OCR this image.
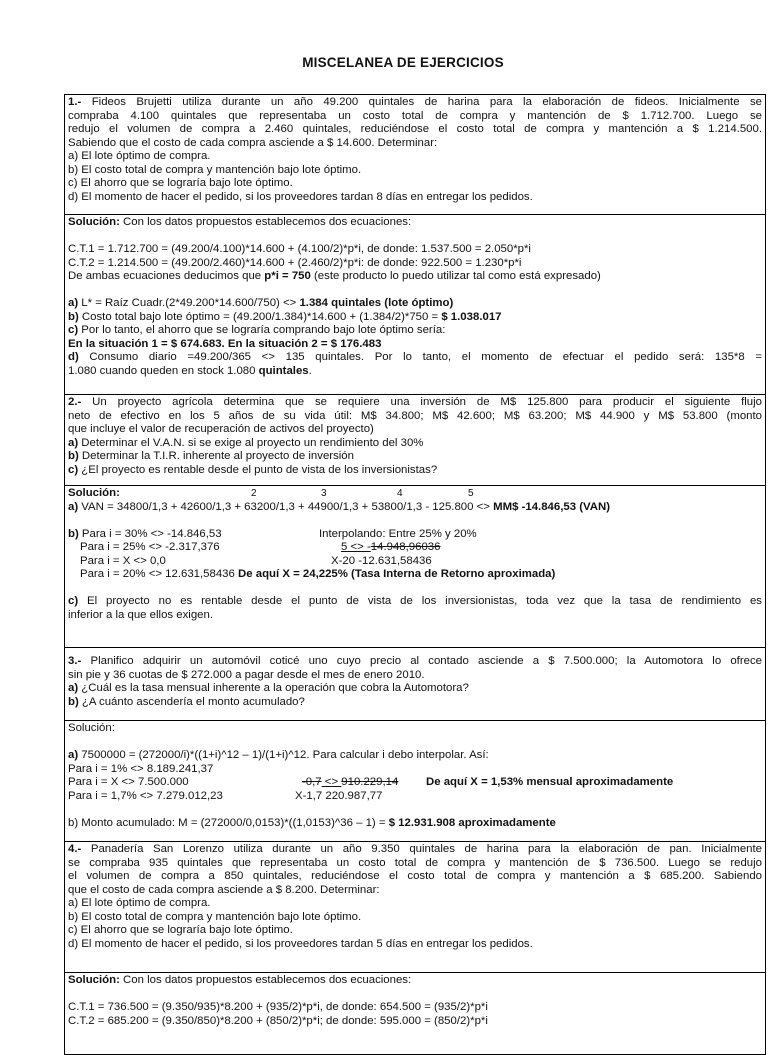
MISCELANEA DE EJERCICIOS
1.- Fideos Brujetti utiliza durante un año 49.200 quintales de harina para la elaboración de fideos. Inicialmente se
compraba 4.100 quintales que representaba un costo total de compra y mantención de $ 1.712.700. Luego se
redujo el volumen de compra a 2.460 quintales, reduciéndose el costo total de compra y mantención a $ 1.214.500.
Sabiendo que el costo de cada compra asciende a $ 14.600. Determinar:
a) El lote óptimo de compra.
b) El costo total de compra y mantención bajo lote óptimo.
c) El ahorro que se lograría bajo lote óptimo.
d) El momento de hacer el pedido, si los proveedores tardan 8 días en entregar los pedidos.
Solución: Con los datos propuestos establecemos dos ecuaciones:
C.T.1 = 1.712.700 = (49.200/4.100)*14.600 + (4.100/2)*p*i, de donde: 1.537.500 = 2.050*p*i
C.T.2 = 1.214.500 = (49.200/2.460)*14.600 + (2.460/2)*p*i: de donde: 922.500 = 1.230*p*i
De ambas ecuaciones deducimos que p*i = 750 (este producto lo puedo utilizar tal como está expresado)
a) L* = Raíz Cuadr.(2*49.200*14.600/750) <> 1.384 quintales (lote óptimo)
b) Costo total bajo lote óptimo = (49.200/1.384)*14.600 + (1.384/2)*750 = $ 1.038.017
c) Por lo tanto, el ahorro que se lograría comprando bajo lote óptimo sería:
En la situación 1 = $ 674.683. En la situación 2 = $ 176.483
d) Consumo diario =49.200/365 <> 135 quintales. Por lo tanto, el momento de efectuar el pedido será: 135*8 =
1.080 cuando queden en stock 1.080 quintales.
2.- Un proyecto agrícola determina que se requiere una inversión de M$ 125.800 para producir el siguiente flujo
neto de efectivo en los 5 años de su vida útil: M$ 34.800; M$ 42.600; M$ 63.200; M$ 44.900 y M$ 53.800 (monto
que incluye el valor de recuperación de activos del proyecto)
a) Determinar el V.A.N. si se exige al proyecto un rendimiento del 30%
b) Determinar la T.I.R. inherente al proyecto de inversión
c) ¿El proyecto es rentable desde el punto de vista de los inversionistas?
Solución:	2	3	4	5
a) VAN = 34800/1,3 + 42600/1,3 + 63200/1,3 + 44900/1,3 + 53800/1,3 - 125.800 <> MM$ -14.846,53 (VAN)
b) Para i = 30% <> -14.846,53	Interpolando: Entre 25% y 20%
Para i = 25% <> -2.317,376	5 <> -14.948,96036
Para i = X <> 0,0	X-20 -12.631,58436
Para i = 20% <> 12.631,58436 De aquí X = 24,225% (Tasa Interna de Retorno aproximada)
c) El proyecto no es rentable desde el punto de vista de los inversionistas, toda vez que la tasa de rendimiento es
inferior a la que ellos exigen.
3.- Planifico adquirir un automóvil coticé uno cuyo precio al contado asciende a $ 7.500.000; la Automotora lo ofrece
sin pie y 36 cuotas de $ 272.000 a pagar desde el mes de enero 2010.
a) ¿Cuál es la tasa mensual inherente a la operación que cobra la Automotora?
b) ¿A cuánto ascendería el monto acumulado?
Solución:
a) 7500000 = (272000/i)*((1+i)^12 – 1)/(1+i)^12. Para calcular i debo interpolar. Así:
Para i = 1% <> 8.189.241,37
Para i = X <> 7.500.000	-0,7 <> 910.229,14 De aquí X = 1,53% mensual aproximadamente
Para i = 1,7% <> 7.279.012,23	X-1,7 220.987,77
b) Monto acumulado: M = (272000/0,0153)*((1,0153)^36 – 1) = $ 12.931.908 aproximadamente
4.- Panadería San Lorenzo utiliza durante un año 9.350 quintales de harina para la elaboración de pan. Inicialmente
se compraba 935 quintales que representaba un costo total de compra y mantención de $ 736.500. Luego se redujo
el volumen de compra a 850 quintales, reduciéndose el costo total de compra y mantención a $ 685.200. Sabiendo
que el costo de cada compra asciende a $ 8.200. Determinar:
a) El lote óptimo de compra.
b) El costo total de compra y mantención bajo lote óptimo.
c) El ahorro que se lograría bajo lote óptimo.
d) El momento de hacer el pedido, si los proveedores tardan 5 días en entregar los pedidos.
Solución: Con los datos propuestos establecemos dos ecuaciones:
C.T.1 = 736.500 = (9.350/935)*8.200 + (935/2)*p*i, de donde: 654.500 = (935/2)*p*i
C.T.2 = 685.200 = (9.350/850)*8.200 + (850/2)*p*i; de donde: 595.000 = (850/2)*p*i
